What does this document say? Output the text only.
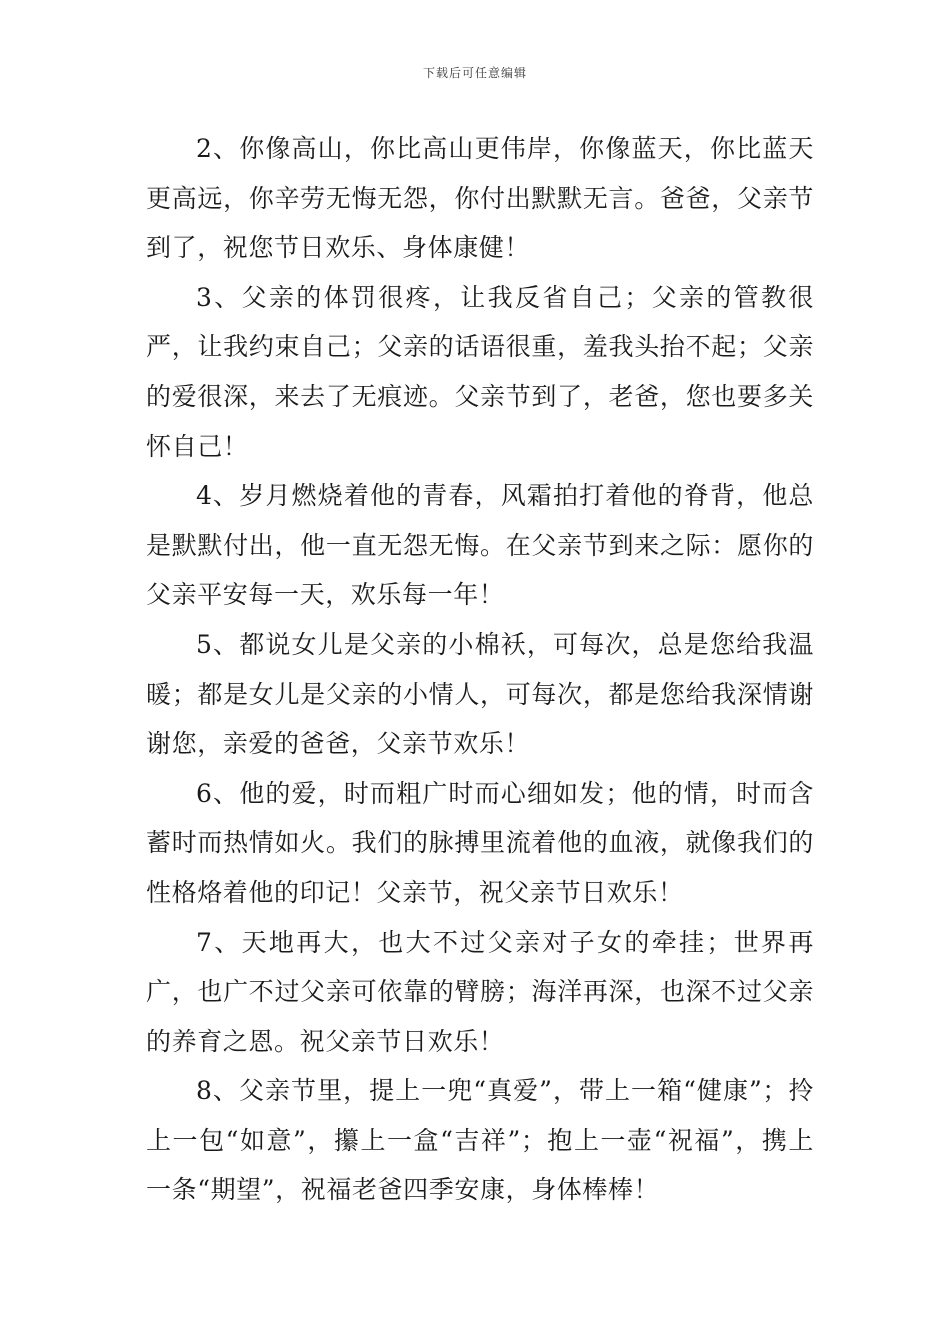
下载后可任意编辑

2、你像高山，你比高山更伟岸，你像蓝天，你比蓝天更高远，你辛劳无悔无怨，你付出默默无言。爸爸，父亲节到了，祝您节日欢乐、身体康健！

3、父亲的体罚很疼，让我反省自己；父亲的管教很严，让我约束自己；父亲的话语很重，羞我头抬不起；父亲的爱很深，来去了无痕迹。父亲节到了，老爸，您也要多关怀自己！

4、岁月燃烧着他的青春，风霜拍打着他的脊背，他总是默默付出，他一直无怨无悔。在父亲节到来之际：愿你的父亲平安每一天，欢乐每一年！

5、都说女儿是父亲的小棉袄，可每次，总是您给我温暖；都是女儿是父亲的小情人，可每次，都是您给我深情谢谢您，亲爱的爸爸，父亲节欢乐！

6、他的爱，时而粗广时而心细如发；他的情，时而含蓄时而热情如火。我们的脉搏里流着他的血液，就像我们的性格烙着他的印记！父亲节，祝父亲节日欢乐！

7、天地再大，也大不过父亲对子女的牵挂；世界再广，也广不过父亲可依靠的臂膀；海洋再深，也深不过父亲的养育之恩。祝父亲节日欢乐！

8、父亲节里，提上一兜“真爱”，带上一箱“健康”；拎上一包“如意”，攥上一盒“吉祥”；抱上一壶“祝福”，携上一条“期望”，祝福老爸四季安康，身体棒棒！
